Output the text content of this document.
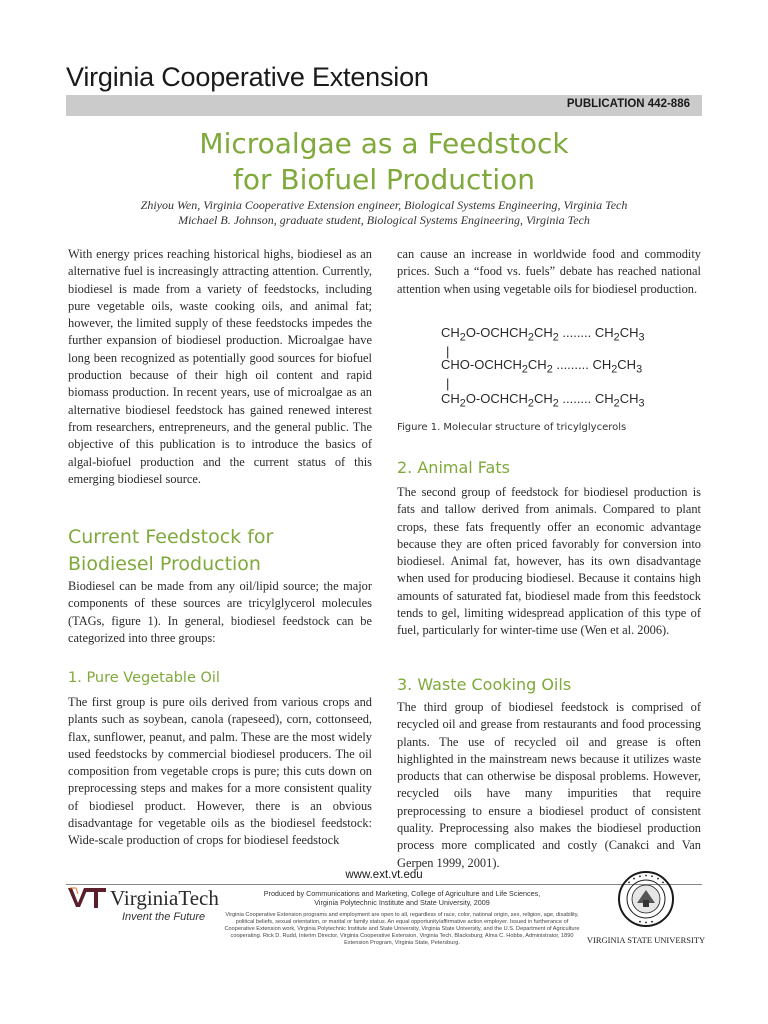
Virginia Cooperative Extension
PUBLICATION 442-886
Microalgae as a Feedstock
for Biofuel Production
Zhiyou Wen, Virginia Cooperative Extension engineer, Biological Systems Engineering, Virginia Tech
Michael B. Johnson, graduate student, Biological Systems Engineering, Virginia Tech
With energy prices reaching historical highs, biodiesel as an alternative fuel is increasingly attracting attention. Currently, biodiesel is made from a variety of feedstocks, including pure vegetable oils, waste cooking oils, and animal fat; however, the limited supply of these feedstocks impedes the further expansion of biodiesel production. Microalgae have long been recognized as potentially good sources for biofuel production because of their high oil content and rapid biomass production. In recent years, use of microalgae as an alternative biodiesel feedstock has gained renewed interest from researchers, entrepreneurs, and the general public. The objective of this publication is to introduce the basics of algal-biofuel production and the current status of this emerging biodiesel source.
Current Feedstock for
Biodiesel Production
Biodiesel can be made from any oil/lipid source; the major components of these sources are tricylglycerol molecules (TAGs, figure 1). In general, biodiesel feedstock can be categorized into three groups:
1. Pure Vegetable Oil
The first group is pure oils derived from various crops and plants such as soybean, canola (rapeseed), corn, cottonseed, flax, sunflower, peanut, and palm. These are the most widely used feedstocks by commercial biodiesel producers. The oil composition from vegetable crops is pure; this cuts down on preprocessing steps and makes for a more consistent quality of biodiesel product. However, there is an obvious disadvantage for vegetable oils as the biodiesel feedstock: Wide-scale production of crops for biodiesel feedstock
can cause an increase in worldwide food and commodity prices. Such a “food vs. fuels” debate has reached national attention when using vegetable oils for biodiesel production.
$CH_2O-OCHCH_2CH_2$ ........ $CH_2CH_3$
|
CHO-$OCHCH_2CH_2$ ......... $CH_2CH_3$
|
$CH_2O-OCHCH_2CH_2$ ........ $CH_2CH_3$
Figure 1. Molecular structure of tricylglycerols
2. Animal Fats
The second group of feedstock for biodiesel production is fats and tallow derived from animals. Compared to plant crops, these fats frequently offer an economic advantage because they are often priced favorably for conversion into biodiesel. Animal fat, however, has its own disadvantage when used for producing biodiesel. Because it contains high amounts of saturated fat, biodiesel made from this feedstock tends to gel, limiting widespread application of this type of fuel, particularly for winter-time use (Wen et al. 2006).
3. Waste Cooking Oils
The third group of biodiesel feedstock is comprised of recycled oil and grease from restaurants and food processing plants. The use of recycled oil and grease is often highlighted in the mainstream news because it utilizes waste products that can otherwise be disposal problems. However, recycled oils have many impurities that require preprocessing to ensure a biodiesel product of consistent quality. Preprocessing also makes the biodiesel production process more complicated and costly (Canakci and Van Gerpen 1999, 2001).
www.ext.vt.edu
VirginiaTech
Invent the Future
Produced by Communications and Marketing, College of Agriculture and Life Sciences,
Virginia Polytechnic Institute and State University, 2009
Virginia Cooperative Extension programs and employment are open to all, regardless of race, color, national origin, sex, religion, age, disability, political beliefs, sexual orientation, or marital or family status. An equal opportunity/affirmative action employer. Issued in furtherance of Cooperative Extension work, Virginia Polytechnic Institute and State University, Virginia State University, and the U.S. Department of Agriculture cooperating. Rick D. Rudd, Interim Director, Virginia Cooperative Extension, Virginia Tech, Blacksburg; Alma C. Hobbs, Administrator, 1890 Extension Program, Virginia State, Petersburg.	VIRGINIA STATE UNIVERSITY
